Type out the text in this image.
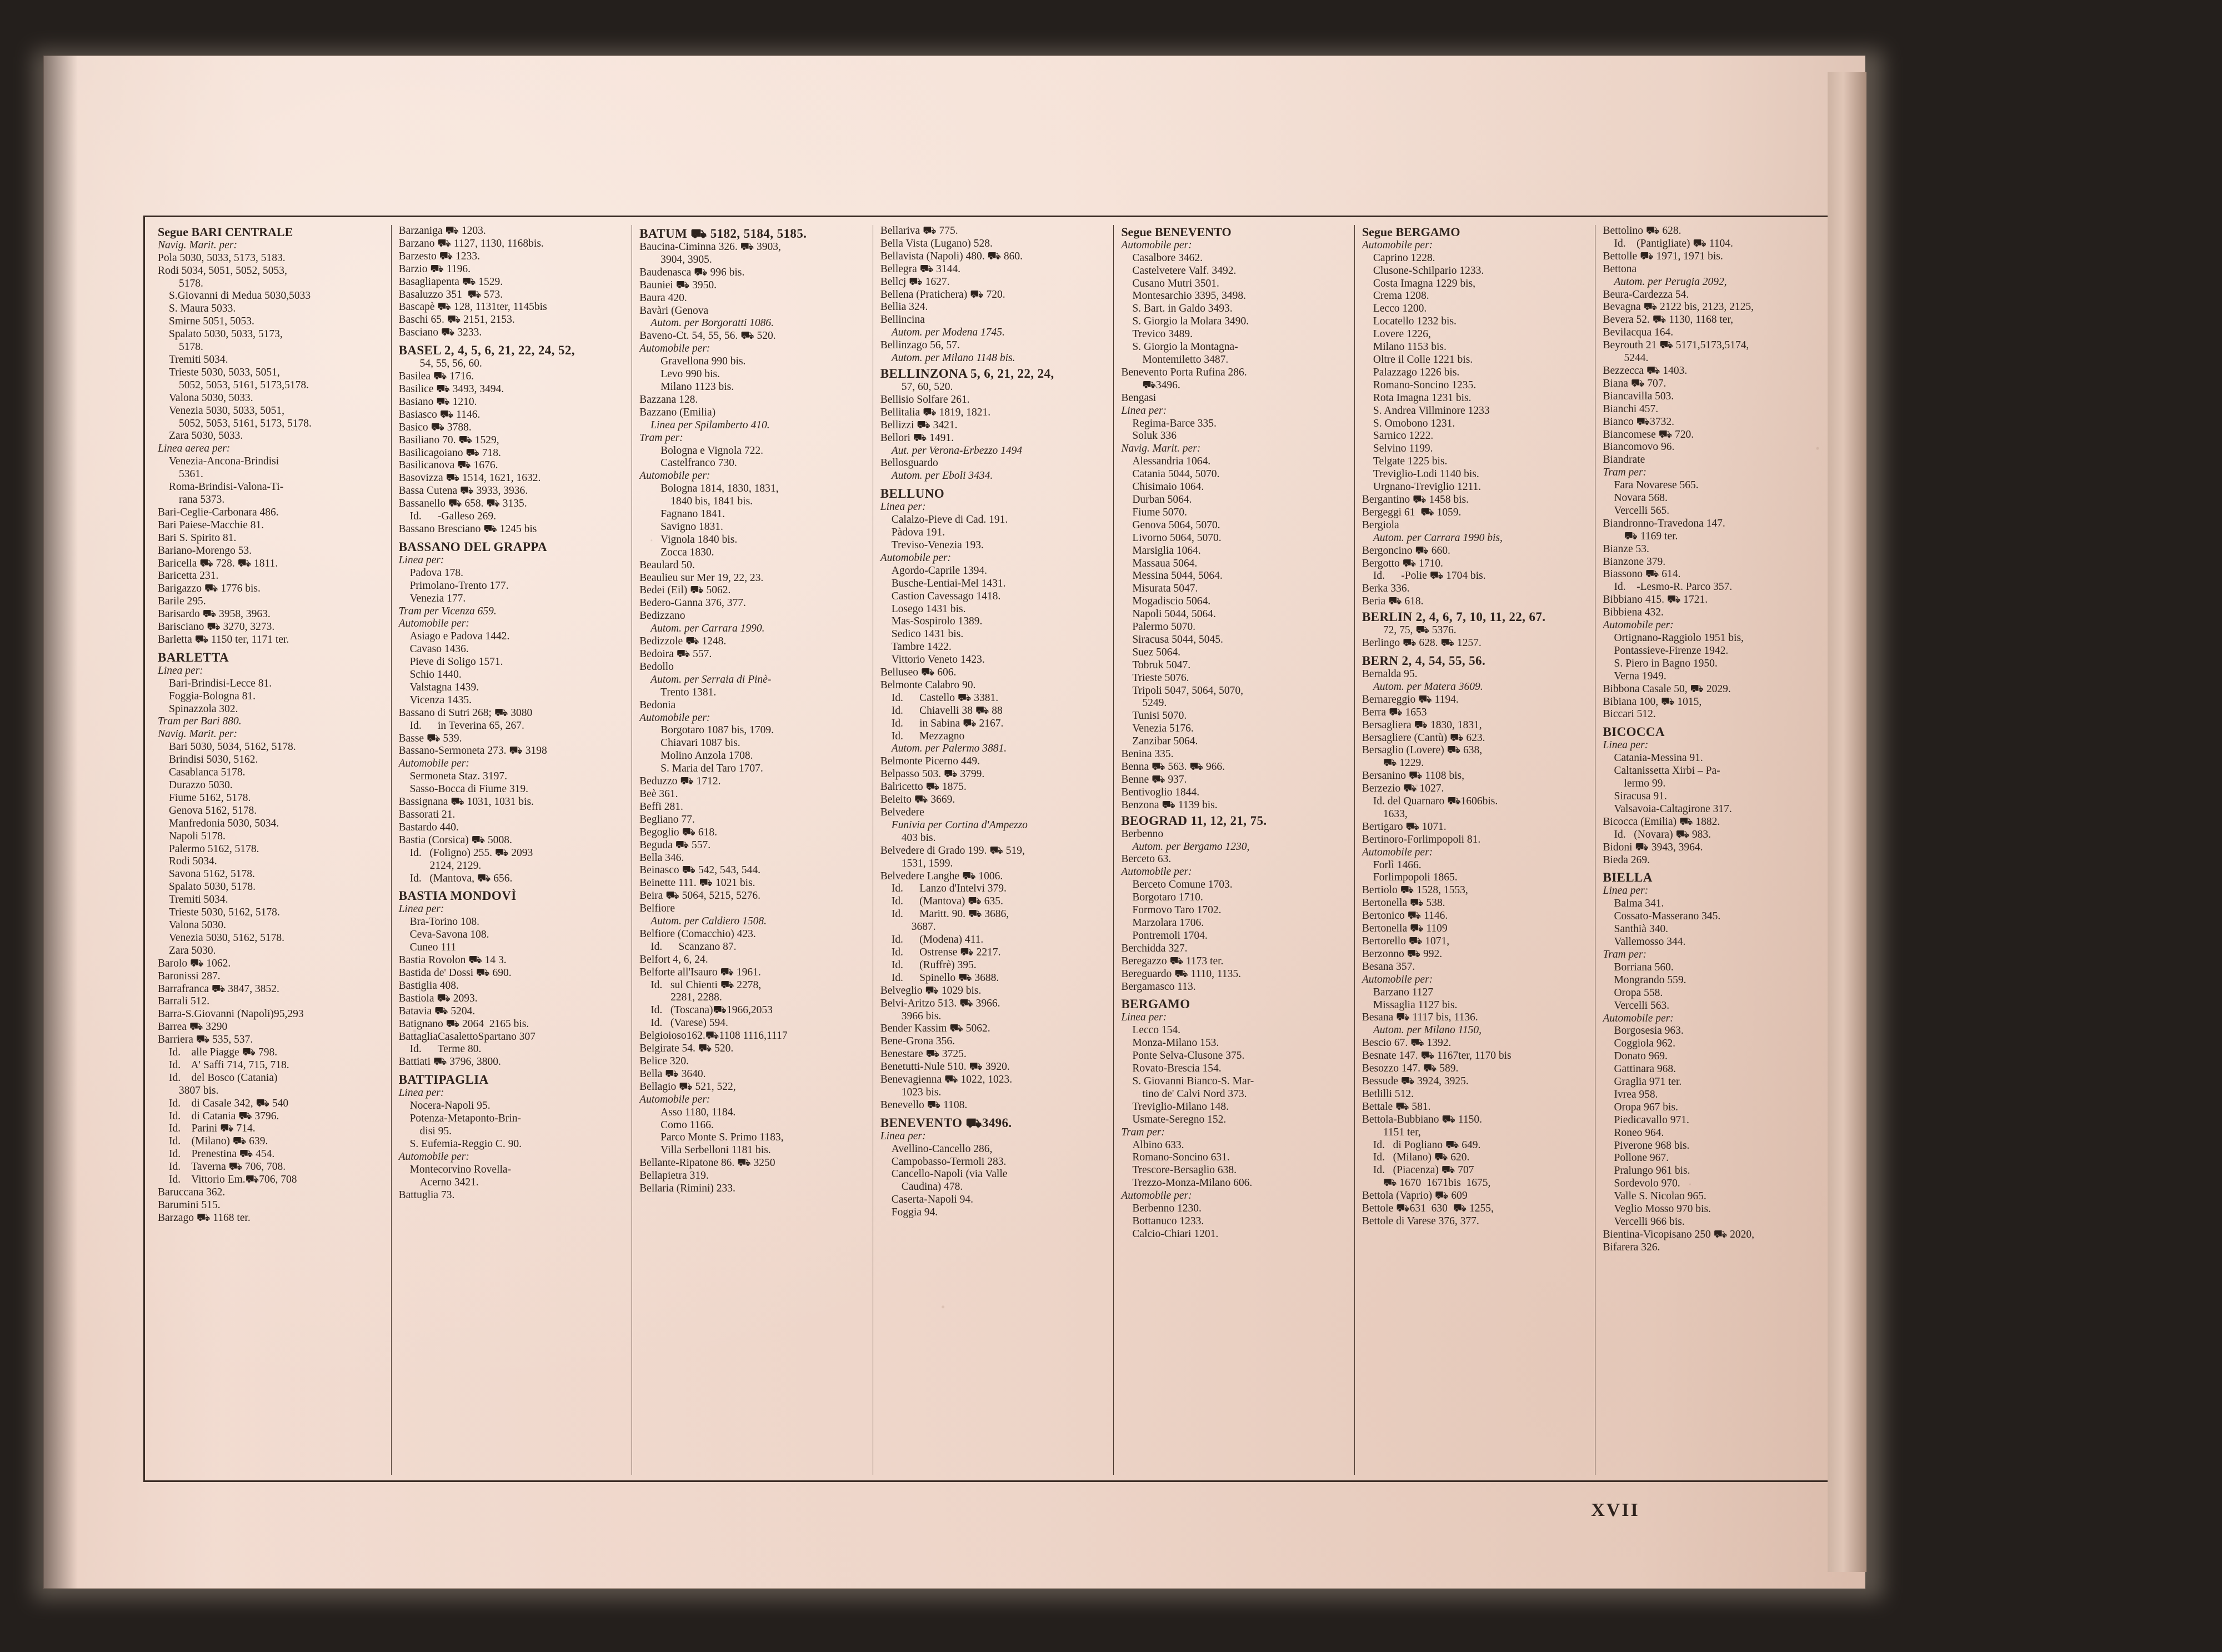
Segue BARI CENTRALE
Navig. Marit. per:
Pola 5030, 5033, 5173, 5183.
Rodi 5034, 5051, 5052, 5053,
5178.
S.Giovanni di Medua 5030,5033
S. Maura 5033.
Smirne 5051, 5053.
Spalato 5030, 5033, 5173,
5178.
Tremiti 5034.
Trieste 5030, 5033, 5051,
5052, 5053, 5161, 5173,5178.
Valona 5030, 5033.
Venezia 5030, 5033, 5051,
5052, 5053, 5161, 5173, 5178.
Zara 5030, 5033.
Linea aerea per:
Venezia-Ancona-Brindisi
5361.
Roma-Brindisi-Valona-Ti-
rana 5373.
Bari-Ceglie-Carbonara 486.
Bari Paiese-Macchie 81.
Bari S. Spirito 81.
Bariano-Morengo 53.
Baricella ⛟ 728. ⛟ 1811.
Baricetta 231.
Barigazzo ⛟ 1776 bis.
Barile 295.
Barisardo ⛟ 3958, 3963.
Barisciano ⛟ 3270, 3273.
Barletta ⛟ 1150 ter, 1171 ter.
BARLETTA
Linea per:
Bari-Brindisi-Lecce 81.
Foggia-Bologna 81.
Spinazzola 302.
Tram per Bari 880.
Navig. Marit. per:
Bari 5030, 5034, 5162, 5178.
Brindisi 5030, 5162.
Casablanca 5178.
Durazzo 5030.
Fiume 5162, 5178.
Genova 5162, 5178.
Manfredonia 5030, 5034.
Napoli 5178.
Palermo 5162, 5178.
Rodi 5034.
Savona 5162, 5178.
Spalato 5030, 5178.
Tremiti 5034.
Trieste 5030, 5162, 5178.
Valona 5030.
Venezia 5030, 5162, 5178.
Zara 5030.
Barolo ⛟ 1062.
Baronissi 287.
Barrafranca ⛟ 3847, 3852.
Barrali 512.
Barra-S.Giovanni (Napoli)95,293
Barrea ⛟ 3290
Barriera ⛟ 535, 537.
Id.    alle Piagge ⛟ 798.
Id.    A' Saffi 714, 715, 718.
Id.    del Bosco (Catania)
3807 bis.
Id.    di Casale 342, ⛟ 540
Id.    di Catania ⛟ 3796.
Id.    Parini ⛟ 714.
Id.    (Milano) ⛟ 639.
Id.    Prenestina ⛟ 454.
Id.    Taverna ⛟ 706, 708.
Id.    Vittorio Em.⛟706, 708
Baruccana 362.
Barumini 515.
Barzago ⛟ 1168 ter.
Barzaniga ⛟ 1203.
Barzano ⛟ 1127, 1130, 1168bis.
Barzesto ⛟ 1233.
Barzio ⛟ 1196.
Basagliapenta ⛟ 1529.
Basaluzzo 351  ⛟ 573.
Bascapè ⛟ 128, 1131ter, 1145bis
Baschi 65. ⛟ 2151, 2153.
Basciano ⛟ 3233.
BASEL 2, 4, 5, 6, 21, 22, 24, 52,
54, 55, 56, 60.
Basilea ⛟ 1716.
Basilice ⛟ 3493, 3494.
Basiano ⛟ 1210.
Basiasco ⛟ 1146.
Basico ⛟ 3788.
Basiliano 70. ⛟ 1529,
Basilicagoiano ⛟ 718.
Basilicanova ⛟ 1676.
Basovizza ⛟ 1514, 1621, 1632.
Bassa Cutena ⛟ 3933, 3936.
Bassanello ⛟ 658. ⛟ 3135.
Id.      -Galleso 269.
Bassano Bresciano ⛟ 1245 bis
BASSANO DEL GRAPPA
Linea per:
Padova 178.
Primolano-Trento 177.
Venezia 177.
Tram per Vicenza 659.
Automobile per:
Asiago e Padova 1442.
Cavaso 1436.
Pieve di Soligo 1571.
Schio 1440.
Valstagna 1439.
Vicenza 1435.
Bassano di Sutri 268; ⛟ 3080
Id.      in Teverina 65, 267.
Basse ⛟ 539.
Bassano-Sermoneta 273. ⛟ 3198
Automobile per:
Sermoneta Staz. 3197.
Sasso-Bocca di Fiume 319.
Bassignana ⛟ 1031, 1031 bis.
Bassorati 21.
Bastardo 440.
Bastia (Corsica) ⛟ 5008.
Id.   (Foligno) 255. ⛟ 2093
2124, 2129.
Id.   (Mantova, ⛟ 656.
BASTIA MONDOVÌ
Linea per:
Bra-Torino 108.
Ceva-Savona 108.
Cuneo 111
Bastia Rovolon ⛟ 14 3.
Bastida de' Dossi ⛟ 690.
Bastiglia 408.
Bastiola ⛟ 2093.
Batavia ⛟ 5204.
Batignano ⛟ 2064  2165 bis.
BattagliaCasalettoSpartano 307
Id.      Terme 80.
Battiati ⛟ 3796, 3800.
BATTIPAGLIA
Linea per:
Nocera-Napoli 95.
Potenza-Metaponto-Brin-
disi 95.
S. Eufemia-Reggio C. 90.
Automobile per:
Montecorvino Rovella-
Acerno 3421.
Battuglia 73.
BATUM ⛟ 5182, 5184, 5185.
Baucina-Ciminna 326. ⛟ 3903,
3904, 3905.
Baudenasca ⛟ 996 bis.
Bauniei ⛟ 3950.
Baura 420.
Bavàri (Genova
Autom. per Borgoratti 1086.
Baveno-Ct. 54, 55, 56. ⛟ 520.
Automobile per:
Gravellona 990 bis.
Levo 990 bis.
Milano 1123 bis.
Bazzana 128.
Bazzano (Emilia)
Linea per Spilamberto 410.
Tram per:
Bologna e Vignola 722.
Castelfranco 730.
Automobile per:
Bologna 1814, 1830, 1831,
1840 bis, 1841 bis.
Fagnano 1841.
Savigno 1831.
Vignola 1840 bis.
Zocca 1830.
Beaulard 50.
Beaulieu sur Mer 19, 22, 23.
Bedei (Eil) ⛟ 5062.
Bedero-Ganna 376, 377.
Bedizzano
Autom. per Carrara 1990.
Bedizzole ⛟ 1248.
Bedoira ⛟ 557.
Bedollo
Autom. per Serraia di Pinè-
Trento 1381.
Bedonia
Automobile per:
Borgotaro 1087 bis, 1709.
Chiavari 1087 bis.
Molino Anzola 1708.
S. Maria del Taro 1707.
Beduzzo ⛟ 1712.
Beè 361.
Beffi 281.
Begliano 77.
Begoglio ⛟ 618.
Beguda ⛟ 557.
Bella 346.
Beinasco ⛟ 542, 543, 544.
Beinette 111. ⛟ 1021 bis.
Beira ⛟ 5064, 5215, 5276.
Belfiore
Autom. per Caldiero 1508.
Belfiore (Comacchio) 423.
Id.      Scanzano 87.
Belfort 4, 6, 24.
Belforte all'Isauro ⛟ 1961.
Id.   sul Chienti ⛟ 2278,
2281, 2288.
Id.   (Toscana)⛟1966,2053
Id.   (Varese) 594.
Belgioioso162.⛟1108 1116,1117
Belgirate 54. ⛟ 520.
Belice 320.
Bella ⛟ 3640.
Bellagio ⛟ 521, 522,
Automobile per:
Asso 1180, 1184.
Como 1166.
Parco Monte S. Primo 1183,
Villa Serbelloni 1181 bis.
Bellante-Ripatone 86. ⛟ 3250
Bellapietra 319.
Bellaria (Rimini) 233.
Bellariva ⛟ 775.
Bella Vista (Lugano) 528.
Bellavista (Napoli) 480. ⛟ 860.
Bellegra ⛟ 3144.
Bellcj ⛟ 1627.
Bellena (Pratichera) ⛟ 720.
Bellia 324.
Bellincina
Autom. per Modena 1745.
Bellinzago 56, 57.
Autom. per Milano 1148 bis.
BELLINZONA 5, 6, 21, 22, 24,
57, 60, 520.
Bellisio Solfare 261.
Bellitalia ⛟ 1819, 1821.
Bellizzi ⛟ 3421.
Bellori ⛟ 1491.
Aut. per Verona-Erbezzo 1494
Bellosguardo
Autom. per Eboli 3434.
BELLUNO
Linea per:
Calalzo-Pieve di Cad. 191.
Pàdova 191.
Treviso-Venezia 193.
Automobile per:
Agordo-Caprile 1394.
Busche-Lentiai-Mel 1431.
Castion Cavessago 1418.
Losego 1431 bis.
Mas-Sospirolo 1389.
Sedico 1431 bis.
Tambre 1422.
Vittorio Veneto 1423.
Belluseo ⛟ 606.
Belmonte Calabro 90.
Id.      Castello ⛟ 3381.
Id.      Chiavelli 38 ⛟ 88
Id.      in Sabina ⛟ 2167.
Id.      Mezzagno
Autom. per Palermo 3881.
Belmonte Picerno 449.
Belpasso 503. ⛟ 3799.
Balricetto ⛟ 1875.
Beleito ⛟ 3669.
Belvedere
Funivia per Cortina d'Ampezzo
403 bis.
Belvedere di Grado 199. ⛟ 519,
1531, 1599.
Belvedere Langhe ⛟ 1006.
Id.      Lanzo d'Intelvi 379.
Id.      (Mantova) ⛟ 635.
Id.      Maritt. 90. ⛟ 3686,
3687.
Id.      (Modena) 411.
Id.      Ostrense ⛟ 2217.
Id.      (Ruffrè) 395.
Id.      Spinello ⛟ 3688.
Belveglio ⛟ 1029 bis.
Belvi-Aritzo 513. ⛟ 3966.
3966 bis.
Bender Kassim ⛟ 5062.
Bene-Grona 356.
Benestare ⛟ 3725.
Benetutti-Nule 510. ⛟ 3920.
Benevagienna ⛟ 1022, 1023.
1023 bis.
Benevello ⛟ 1108.
BENEVENTO ⛟3496.
Linea per:
Avellino-Cancello 286,
Campobasso-Termoli 283.
Cancello-Napoli (via Valle
Caudina) 478.
Caserta-Napoli 94.
Foggia 94.
Segue BENEVENTO
Automobile per:
Casalbore 3462.
Castelvetere Valf. 3492.
Cusano Mutri 3501.
Montesarchio 3395, 3498.
S. Bart. in Galdo 3493.
S. Giorgio la Molara 3490.
Trevico 3489.
S. Giorgio la Montagna-
Montemiletto 3487.
Benevento Porta Rufina 286.
⛟3496.
Bengasi
Linea per:
Regima-Barce 335.
Soluk 336
Navig. Marit. per:
Alessandria 1064.
Catania 5044, 5070.
Chisimaio 1064.
Durban 5064.
Fiume 5070.
Genova 5064, 5070.
Livorno 5064, 5070.
Marsiglia 1064.
Massaua 5064.
Messina 5044, 5064.
Misurata 5047.
Mogadiscio 5064.
Napoli 5044, 5064.
Palermo 5070.
Siracusa 5044, 5045.
Suez 5064.
Tobruk 5047.
Trieste 5076.
Tripoli 5047, 5064, 5070,
5249.
Tunisi 5070.
Venezia 5176.
Zanzibar 5064.
Benina 335.
Benna ⛟ 563. ⛟ 966.
Benne ⛟ 937.
Bentivoglio 1844.
Benzona ⛟ 1139 bis.
BEOGRAD 11, 12, 21, 75.
Berbenno
Autom. per Bergamo 1230,
Berceto 63.
Automobile per:
Berceto Comune 1703.
Borgotaro 1710.
Formovo Taro 1702.
Marzolara 1706.
Pontremoli 1704.
Berchidda 327.
Beregazzo ⛟ 1173 ter.
Bereguardo ⛟ 1110, 1135.
Bergamasco 113.
BERGAMO
Linea per:
Lecco 154.
Monza-Milano 153.
Ponte Selva-Clusone 375.
Rovato-Brescia 154.
S. Giovanni Bianco-S. Mar-
tino de' Calvi Nord 373.
Treviglio-Milano 148.
Usmate-Seregno 152.
Tram per:
Albino 633.
Romano-Soncino 631.
Trescore-Bersaglio 638.
Trezzo-Monza-Milano 606.
Automobile per:
Berbenno 1230.
Bottanuco 1233.
Calcio-Chiari 1201.
Segue BERGAMO
Automobile per:
Caprino 1228.
Clusone-Schilpario 1233.
Costa Imagna 1229 bis,
Crema 1208.
Lecco 1200.
Locatello 1232 bis.
Lovere 1226,
Milano 1153 bis.
Oltre il Colle 1221 bis.
Palazzago 1226 bis.
Romano-Soncino 1235.
Rota Imagna 1231 bis.
S. Andrea Villminore 1233
S. Omobono 1231.
Sarnico 1222.
Selvino 1199.
Telgate 1225 bis.
Treviglio-Lodi 1140 bis.
Urgnano-Treviglio 1211.
Bergantino ⛟ 1458 bis.
Bergeggi 61  ⛟ 1059.
Bergiola
Autom. per Carrara 1990 bis,
Bergoncino ⛟ 660.
Bergotto ⛟ 1710.
Id.      -Polie ⛟ 1704 bis.
Berka 336.
Beria ⛟ 618.
BERLIN 2, 4, 6, 7, 10, 11, 22, 67.
72, 75, ⛟ 5376.
Berlingo ⛟ 628. ⛟ 1257.
BERN 2, 4, 54, 55, 56.
Bernalda 95.
Autom. per Matera 3609.
Bernareggio ⛟ 1194.
Berra ⛟ 1653
Bersagliera ⛟ 1830, 1831,
Bersagliere (Cantù) ⛟ 623.
Bersaglio (Lovere) ⛟ 638,
⛟ 1229.
Bersanino ⛟ 1108 bis,
Berzezio ⛟ 1027.
Id. del Quarnaro ⛟1606bis.
1633,
Bertigaro ⛟ 1071.
Bertinoro-Forlimpopoli 81.
Automobile per:
Forlì 1466.
Forlimpopoli 1865.
Bertiolo ⛟ 1528, 1553,
Bertonella ⛟ 538.
Bertonico ⛟ 1146.
Bertonella ⛟ 1109
Bertorello ⛟ 1071,
Berzonno ⛟ 992.
Besana 357.
Automobile per:
Barzano 1127
Missaglia 1127 bis.
Besana ⛟ 1117 bis, 1136.
Autom. per Milano 1150,
Bescio 67. ⛟ 1392.
Besnate 147. ⛟ 1167ter, 1170 bis
Besozzo 147. ⛟ 589.
Bessude ⛟ 3924, 3925.
Betlilli 512.
Bettale ⛟ 581.
Bettola-Bubbiano ⛟ 1150.
1151 ter,
Id.   di Pogliano ⛟ 649.
Id.   (Milano) ⛟ 620.
Id.   (Piacenza) ⛟ 707
⛟ 1670  1671bis  1675,
Bettola (Vaprio) ⛟ 609
Bettole ⛟631  630  ⛟ 1255,
Bettole di Varese 376, 377.
Bettolino ⛟ 628.
Id.    (Pantigliate) ⛟ 1104.
Bettolle ⛟ 1971, 1971 bis.
Bettona
Autom. per Perugia 2092,
Beura-Cardezza 54.
Bevagna ⛟ 2122 bis, 2123, 2125,
Bevera 52. ⛟ 1130, 1168 ter,
Bevilacqua 164.
Beyrouth 21 ⛟ 5171,5173,5174,
5244.
Bezzecca ⛟ 1403.
Biana ⛟ 707.
Biancavilla 503.
Bianchi 457.
Bianco ⛟3732.
Biancomese ⛟ 720.
Biancomovo 96.
Biandrate
Tram per:
Fara Novarese 565.
Novara 568.
Vercelli 565.
Biandronno-Travedona 147.
⛟ 1169 ter.
Bianze 53.
Bianzone 379.
Biassono ⛟ 614.
Id.    -Lesmo-R. Parco 357.
Bibbiano 415. ⛟ 1721.
Bibbiena 432.
Automobile per:
Ortignano-Raggiolo 1951 bis,
Pontassieve-Firenze 1942.
S. Piero in Bagno 1950.
Verna 1949.
Bibbona Casale 50, ⛟ 2029.
Bibiana 100, ⛟ 1015,
Biccari 512.
BICOCCA
Linea per:
Catania-Messina 91.
Caltanissetta Xirbi – Pa-
lermo 99.
Siracusa 91.
Valsavoia-Caltagirone 317.
Bicocca (Emilia) ⛟ 1882.
Id.   (Novara) ⛟ 983.
Bidoni ⛟ 3943, 3964.
Bieda 269.
BIELLA
Linea per:
Balma 341.
Cossato-Masserano 345.
Santhià 340.
Vallemosso 344.
Tram per:
Borriana 560.
Mongrando 559.
Oropa 558.
Vercelli 563.
Automobile per:
Borgosesia 963.
Coggiola 962.
Donato 969.
Gattinara 968.
Graglia 971 ter.
Ivrea 958.
Oropa 967 bis.
Piedicavallo 971.
Roneo 964.
Piverone 968 bis.
Pollone 967.
Pralungo 961 bis.
Sordevolo 970.
Valle S. Nicolao 965.
Veglio Mosso 970 bis.
Vercelli 966 bis.
Bientina-Vicopisano 250 ⛟ 2020,
Bifarera 326.
XVII
